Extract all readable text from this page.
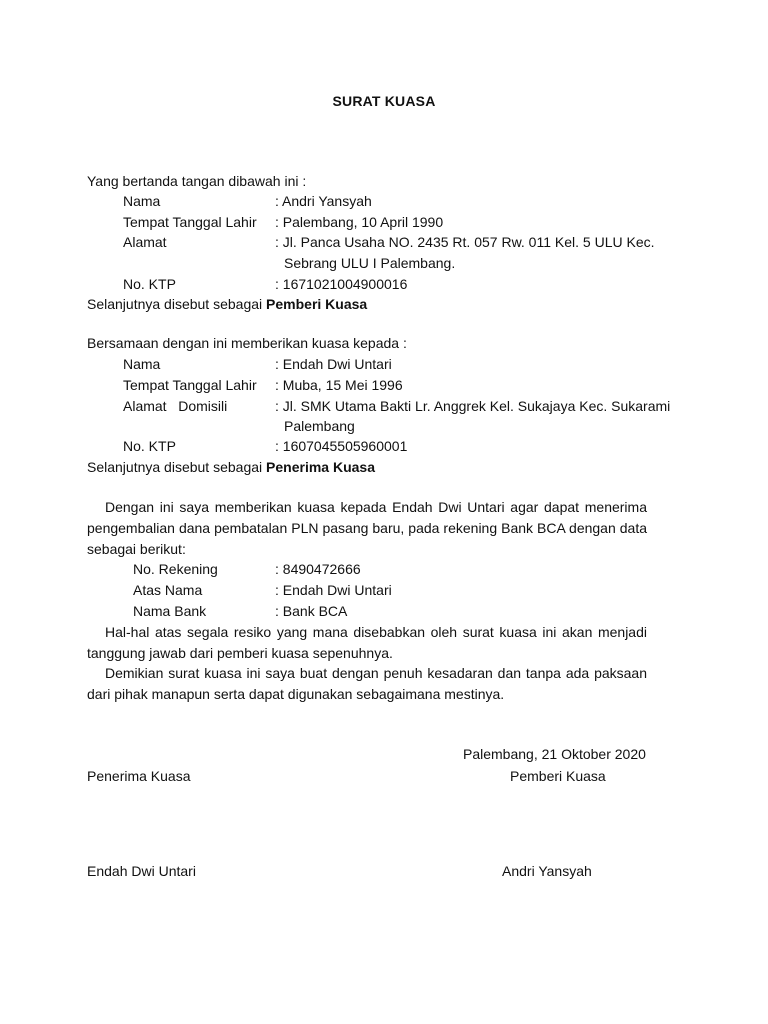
SURAT KUASA
Yang bertanda tangan dibawah ini :
Nama	: Andri Yansyah
Tempat Tanggal Lahir : Palembang, 10 April 1990
Alamat	: Jl. Panca Usaha NO. 2435 Rt. 057 Rw. 011 Kel. 5 ULU Kec.
Sebrang ULU I Palembang.
No. KTP	: 1671021004900016
Selanjutnya disebut sebagai Pemberi Kuasa
Bersamaan dengan ini memberikan kuasa kepada :
Nama	: Endah Dwi Untari
Tempat Tanggal Lahir : Muba, 15 Mei 1996
Alamat   Domisili	: Jl. SMK Utama Bakti Lr. Anggrek Kel. Sukajaya Kec. Sukarami
Palembang
No. KTP	: 1607045505960001
Selanjutnya disebut sebagai Penerima Kuasa
Dengan ini saya memberikan kuasa kepada Endah Dwi Untari agar dapat menerima pengembalian dana pembatalan PLN pasang baru, pada rekening Bank BCA dengan data sebagai berikut:
No. Rekening	: 8490472666
Atas Nama	: Endah Dwi Untari
Nama Bank	: Bank BCA
Hal-hal atas segala resiko yang mana disebabkan oleh surat kuasa ini akan menjadi tanggung jawab dari pemberi kuasa sepenuhnya.
Demikian surat kuasa ini saya buat dengan penuh kesadaran dan tanpa ada paksaan dari pihak manapun serta dapat digunakan sebagaimana mestinya.
Palembang, 21 Oktober 2020
Penerima Kuasa	Pemberi Kuasa
Endah Dwi Untari	Andri Yansyah
